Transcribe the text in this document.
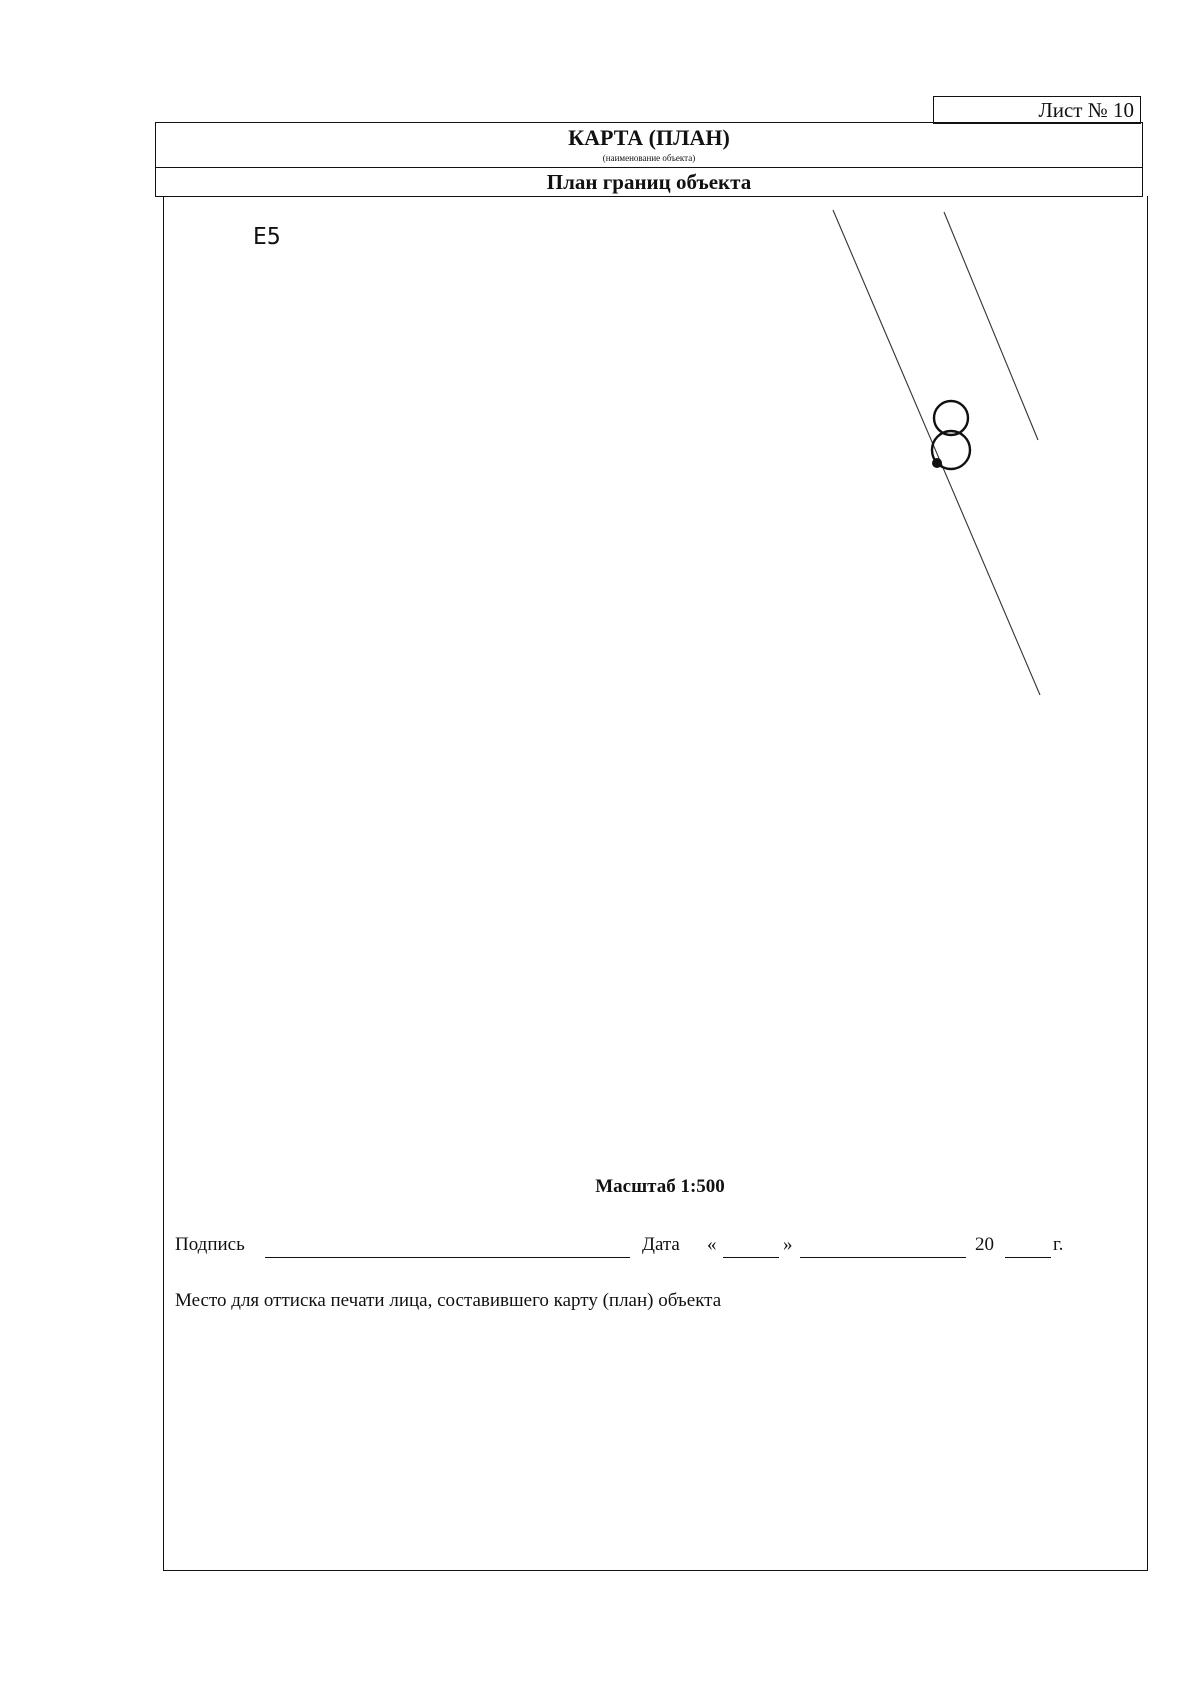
Лист № 10
КАРТА (ПЛАН)
(наименование объекта)
План границ объекта
E5
Масштаб 1:500
Подпись	Дата «	»	20	г.
Место для оттиска печати лица, составившего карту (план) объекта
